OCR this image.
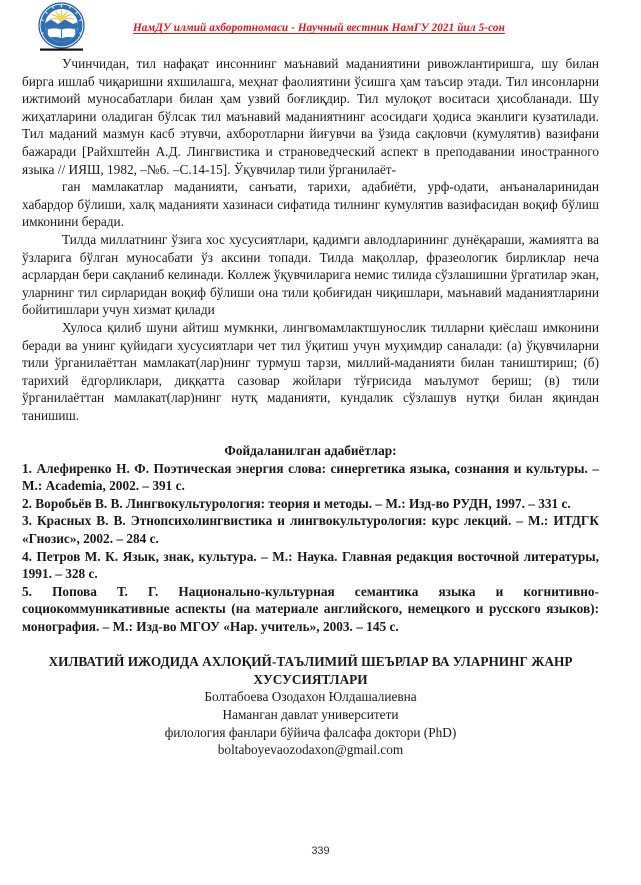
НамДУ илмий ахборотномаси - Научный вестник НамГУ 2021 йил 5-сон

Учинчидан, тил нафақат инсоннинг маънавий маданиятини ривожлантиришга, шу билан бирга ишлаб чиқаришни яхшилашга, меҳнат фаолиятини ўсишга ҳам таъсир этади. Тил инсонларни ижтимоий муносабатлари билан ҳам узвий боғлиқдир. Тил мулоқот воситаси ҳисобланади. Шу жиҳатларини оладиган бўлсак тил маънавий маданиятнинг асосидаги ҳодиса эканлиги кузатилади. Тил маданий мазмун касб этувчи, ахборотларни йиғувчи ва ўзида сақловчи (кумулятив) вазифани бажаради [Райхштейн А.Д. Лингвистика и страноведческий аспект в преподавании иностранного языка // ИЯШ, 1982, –№6. –С.14-15]. Ўқувчилар тили ўрганилаёт-

ган мамлакатлар маданияти, санъати, тарихи, адабиёти, урф-одати, анъаналаринидан хабардор бўлиши, халқ маданияти хазинаси сифатида тилнинг кумулятив вазифасидан воқиф бўлиш имконини беради.

Тилда миллатнинг ўзига хос хусусиятлари, қадимги авлодларининг дунёқараши, жамиятга ва ўзларига бўлган муносабати ўз аксини топади. Тилда мақоллар, фразеологик бирликлар неча асрлардан бери сақланиб келинади. Коллеж ўқувчиларига немис тилида сўзлашишни ўргатилар экан, уларнинг тил сирларидан воқиф бўлиши она тили қобиғидан чиқишлари, маънавий маданиятларини бойитишлари учун хизмат қилади

Хулоса қилиб шуни айтиш мумкнки, лингвомамлактшунослик тилларни қиёслаш имконини беради ва унинг қуйидаги хусусиятлари чет тил ўқитиш учун муҳимдир саналади: (а) ўқувчиларни тили ўрганилаёттан мамлакат(лар)нинг турмуш тарзи, миллий-маданияти билан таништириш; (б) тарихий ёдгорликлари, диққатта сазовар жойлари тўғрисида маълумот бериш; (в) тили ўрганилаёттан мамлакат(лар)нинг нутқ маданияти, кундалик сўзлашув нутқи билан яқиндан танишиш.

Фойдаланилган адабиётлар:

1. Алефиренко Н. Ф. Поэтическая энергия слова: синергетика языка, сознания и культуры. – М.: Academia, 2002. – 391 с.

2. Воробьёв В. В. Лингвокультурология: теория и методы. – М.: Изд-во РУДН, 1997. – 331 с.

3. Красных В. В. Этнопсихолингвистика и лингвокультурология: курс лекций. – М.: ИТДГК «Гнозис», 2002. – 284 с.

4. Петров М. К. Язык, знак, культура. – М.: Наука. Главная редакция восточной литературы, 1991. – 328 с.

5. Попова Т. Г. Национально-культурная семантика языка и когнитивно-социокоммуникативные аспекты (на материале английского, немецкого и русского языков): монография. – М.: Изд-во МГОУ «Нар. учитель», 2003. – 145 с.

ХИЛВАТИЙ ИЖОДИДА АХЛОҚИЙ-ТАЪЛИМИЙ ШЕЪРЛАР ВА УЛАРНИНГ ЖАНР ХУСУСИЯТЛАРИ

Болтабоева Озодахон Юлдашалиевна

Наманган давлат университети

филология фанлари бўйича фалсафа доктори (PhD)

boltaboyevaozodaxon@gmail.com

339
